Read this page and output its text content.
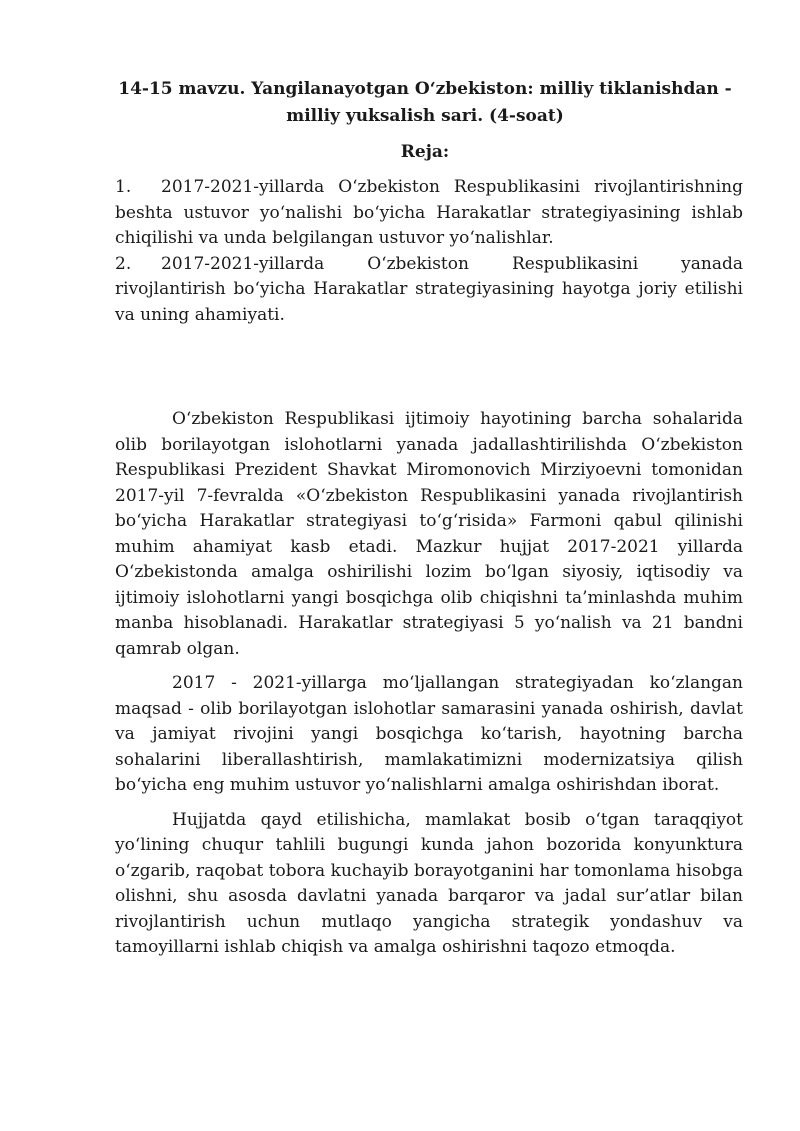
14-15 mavzu. Yangilanayotgan O‘zbekiston: milliy tiklanishdan - milliy yuksalish sari. (4-soat)
Reja:

1. 2017-2021-yillarda O‘zbekiston Respublikasini rivojlantirishning beshta ustuvor yo‘nalishi bo‘yicha Harakatlar strategiyasining ishlab chiqilishi va unda belgilangan ustuvor yo‘nalishlar.

2. 2017-2021-yillarda O‘zbekiston Respublikasini yanada rivojlantirish bo‘yicha Harakatlar strategiyasining hayotga joriy etilishi va uning ahamiyati.

O‘zbekiston Respublikasi ijtimoiy hayotining barcha sohalarida olib borilayotgan islohotlarni yanada jadallashtirilishda O‘zbekiston Respublikasi Prezident Shavkat Miromonovich Mirziyoevni tomonidan 2017-yil 7-fevralda «O‘zbekiston Respublikasini yanada rivojlantirish bo‘yicha Harakatlar strategiyasi to‘g‘risida» Farmoni qabul qilinishi muhim ahamiyat kasb etadi. Mazkur hujjat 2017-2021 yillarda O‘zbekistonda amalga oshirilishi lozim bo‘lgan siyosiy, iqtisodiy va ijtimoiy islohotlarni yangi bosqichga olib chiqishni ta’minlashda muhim manba hisoblanadi. Harakatlar strategiyasi 5 yo‘nalish va 21 bandni qamrab olgan.

2017 - 2021-yillarga mo‘ljallangan strategiyadan ko‘zlangan maqsad - olib borilayotgan islohotlar samarasini yanada oshirish, davlat va jamiyat rivojini yangi bosqichga ko‘tarish, hayotning barcha sohalarini liberallashtirish, mamlakatimizni modernizatsiya qilish bo‘yicha eng muhim ustuvor yo‘nalishlarni amalga oshirishdan iborat.

Hujjatda qayd etilishicha, mamlakat bosib o‘tgan taraqqiyot yo‘lining chuqur tahlili bugungi kunda jahon bozorida konyunktura o‘zgarib, raqobat tobora kuchayib borayotganini har tomonlama hisobga olishni, shu asosda davlatni yanada barqaror va jadal sur’atlar bilan rivojlantirish uchun mutlaqo yangicha strategik yondashuv va tamoyillarni ishlab chiqish va amalga oshirishni taqozo etmoqda.
